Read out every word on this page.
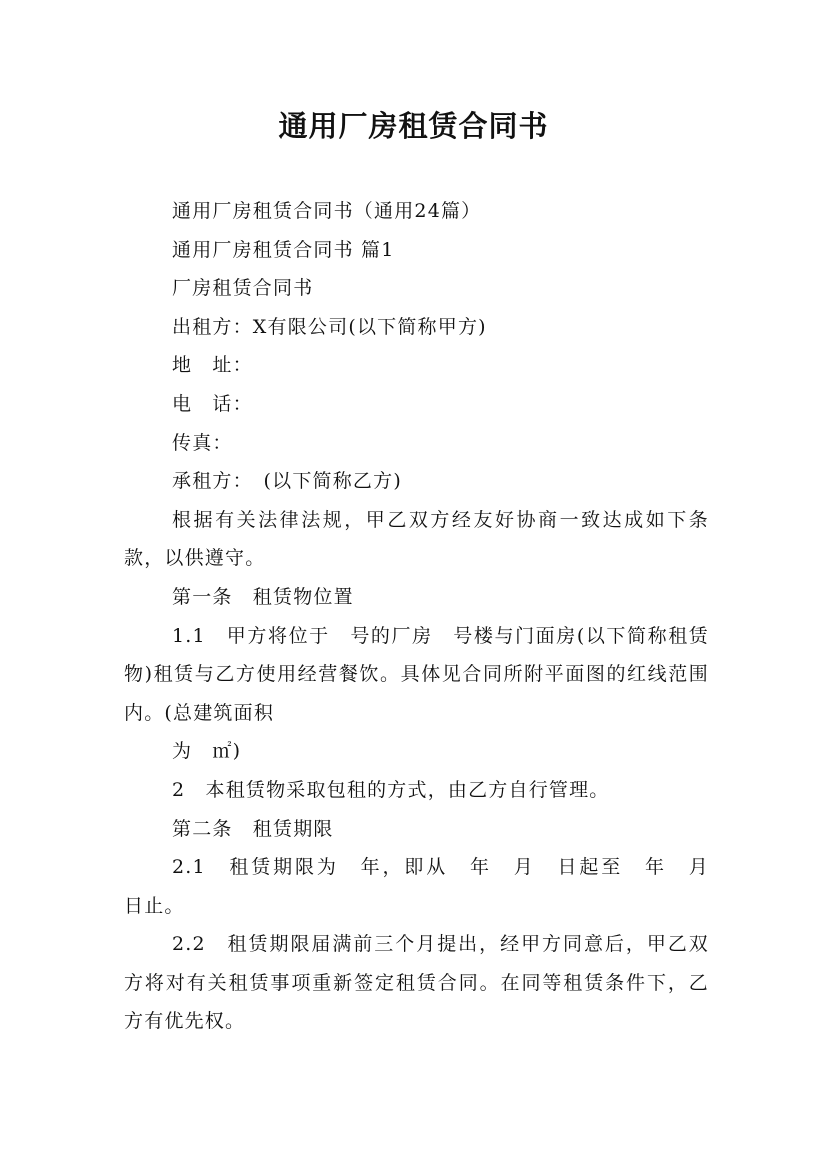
通用厂房租赁合同书

通用厂房租赁合同书（通用24篇）

通用厂房租赁合同书 篇1

厂房租赁合同书

出租方：X有限公司(以下简称甲方)

地　址：

电　话：

传真：

承租方：　(以下简称乙方)

根据有关法律法规，甲乙双方经友好协商一致达成如下条款，以供遵守。

第一条　租赁物位置

1.1　甲方将位于　号的厂房　号楼与门面房(以下简称租赁物)租赁与乙方使用经营餐饮。具体见合同所附平面图的红线范围内。(总建筑面积

为　㎡)

2　本租赁物采取包租的方式，由乙方自行管理。

第二条　租赁期限

2.1　租赁期限为　年，即从　年　月　日起至　年　月　日止。

2.2　租赁期限届满前三个月提出，经甲方同意后，甲乙双方将对有关租赁事项重新签定租赁合同。在同等租赁条件下，乙方有优先权。
